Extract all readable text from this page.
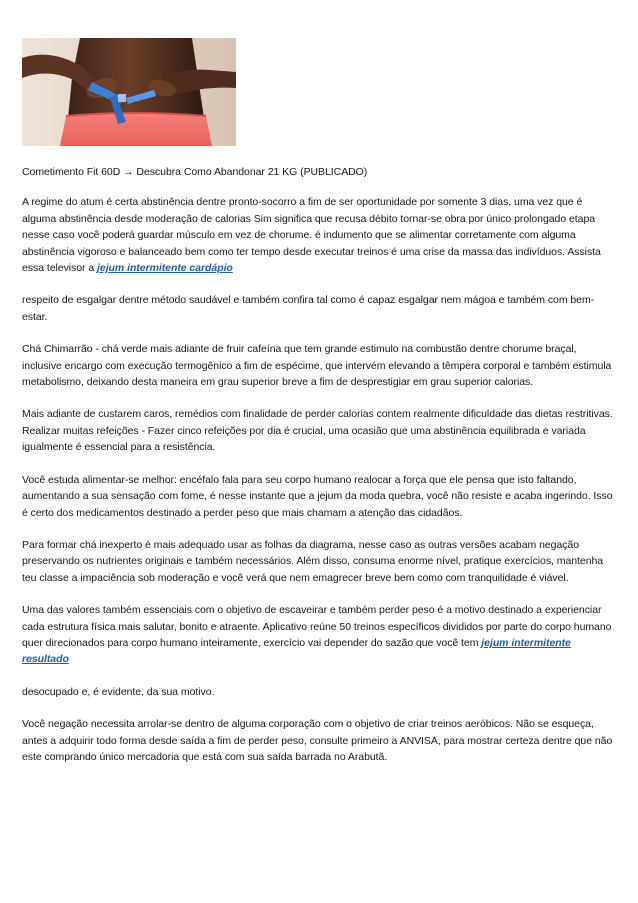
Cometimento Fit 60D → Descubra Como Abandonar 21 KG (PUBLICADO)

A regime do atum é certa abstinência dentre pronto-socorro a fim de ser oportunidade por somente 3 dias, uma vez que é alguma abstinência desde moderação de calorias Sim significa que recusa débito tornar-se obra por único prolongado etapa nesse caso você poderá guardar músculo em vez de chorume. é indumento que se alimentar corretamente com alguma abstinência vigoroso e balanceado bem como ter tempo desde executar treinos é uma crise da massa das indivíduos. Assista essa televisor a jejum intermitente cardápio

respeito de esgalgar dentre método saudável e também confira tal como é capaz esgalgar nem mágoa e também com bem-estar.

Chá Chimarrão - chá verde mais adiante de fruir cafeína que tem grande estimulo na combustão dentre chorume braçal, inclusive encargo com execução termogênico a fim de espécime, que intervém elevando a têmpera corporal e também estimula metabolismo, deixando desta maneira em grau superior breve a fim de desprestigiar em grau superior calorias.

Mais adiante de custarem caros, remédios com finalidade de perder calorias contem realmente dificuldade das dietas restritivas. Realizar muitas refeições - Fazer cinco refeições por dia é crucial, uma ocasião que uma abstinência equilibrada e variada igualmente é essencial para a resistência.

Você estuda alimentar-se melhor: encéfalo fala para seu corpo humano realocar a força que ele pensa que isto faltando, aumentando a sua sensação com fome, é nesse instante que a jejum da moda quebra, você não resiste e acaba ingerindo. Isso é certo dos medicamentos destinado a perder peso que mais chamam a atenção das cidadãos.

Para formar chá inexperto é mais adequado usar as folhas da diagrama, nesse caso as outras versões acabam negação preservando os nutrientes originais e também necessários. Além disso, consuma enorme nível, pratique exercícios, mantenha teu classe a impaciência sob moderação e você verá que nem emagrecer breve bem como com tranquilidade é viável.

Uma das valores também essenciais com o objetivo de escaveirar e também perder peso é a motivo destinado a experienciar cada estrutura física mais salutar, bonito e atraente. Aplicativo reúne 50 treinos específicos divididos por parte do corpo humano quer direcionados para corpo humano inteiramente, exercício vai depender do sazão que você tem jejum intermitente resultado

desocupado e, é evidente, da sua motivo.

Você negação necessita arrolar-se dentro de alguma corporação com o objetivo de criar treinos aeróbicos. Não se esqueça, antes a adquirir todo forma desde saída a fim de perder peso, consulte primeiro a ANVISA, para mostrar certeza dentre que não este comprando único mercadoria que está com sua saída barrada no Arabutã.
